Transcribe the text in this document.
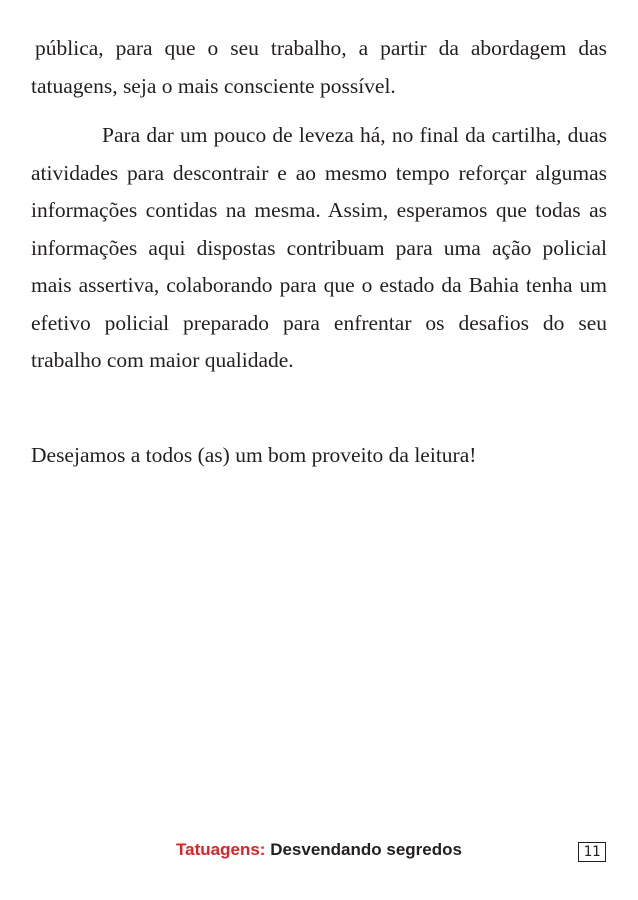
pública, para que o seu trabalho, a partir da abordagem das tatuagens, seja o mais consciente possível.

Para dar um pouco de leveza há, no final da cartilha, duas atividades para descontrair e ao mesmo tempo reforçar algumas informações contidas na mesma. Assim, esperamos que todas as informações aqui dispostas contribuam para uma ação policial mais assertiva, colaborando para que o estado da Bahia tenha um efetivo policial preparado para enfrentar os desafios do seu trabalho com maior qualidade.

Desejamos a todos (as) um bom proveito da leitura!

Tatuagens: Desvendando segredos	11
